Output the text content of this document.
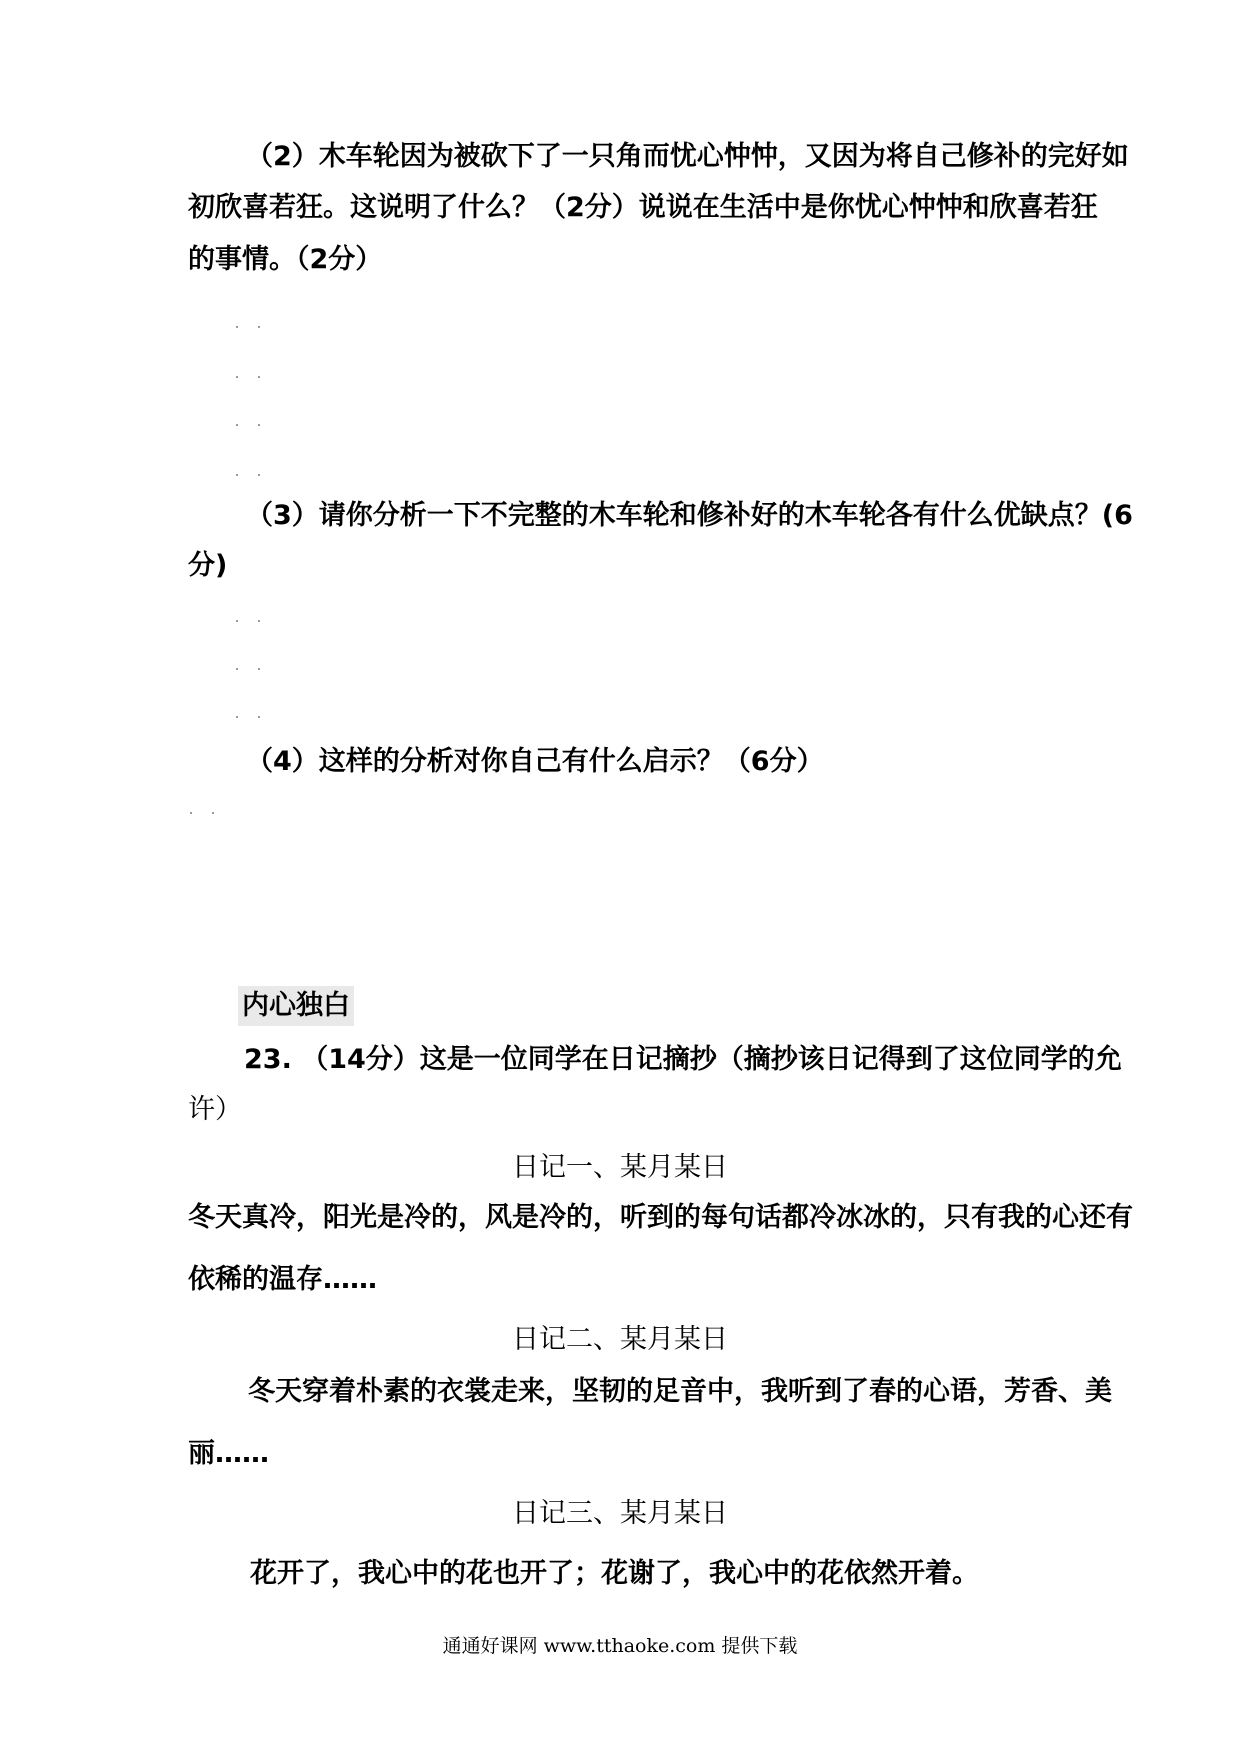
（2）木车轮因为被砍下了一只角而忧心忡忡，又因为将自己修补的完好如
初欣喜若狂。这说明了什么？（2分）说说在生活中是你忧心忡忡和欣喜若狂
的事情。（2分）
（3）请你分析一下不完整的木车轮和修补好的木车轮各有什么优缺点？(6
分)
（4）这样的分析对你自己有什么启示？（6分）
内心独白
23. （14分）这是一位同学在日记摘抄（摘抄该日记得到了这位同学的允
许）
日记一、某月某日
冬天真冷，阳光是冷的，风是冷的，听到的每句话都冷冰冰的，只有我的心还有
依稀的温存……
日记二、某月某日
冬天穿着朴素的衣裳走来，坚韧的足音中，我听到了春的心语，芳香、美
丽……
日记三、某月某日
花开了，我心中的花也开了；花谢了，我心中的花依然开着。
通通好课网 www.tthaoke.com 提供下载
